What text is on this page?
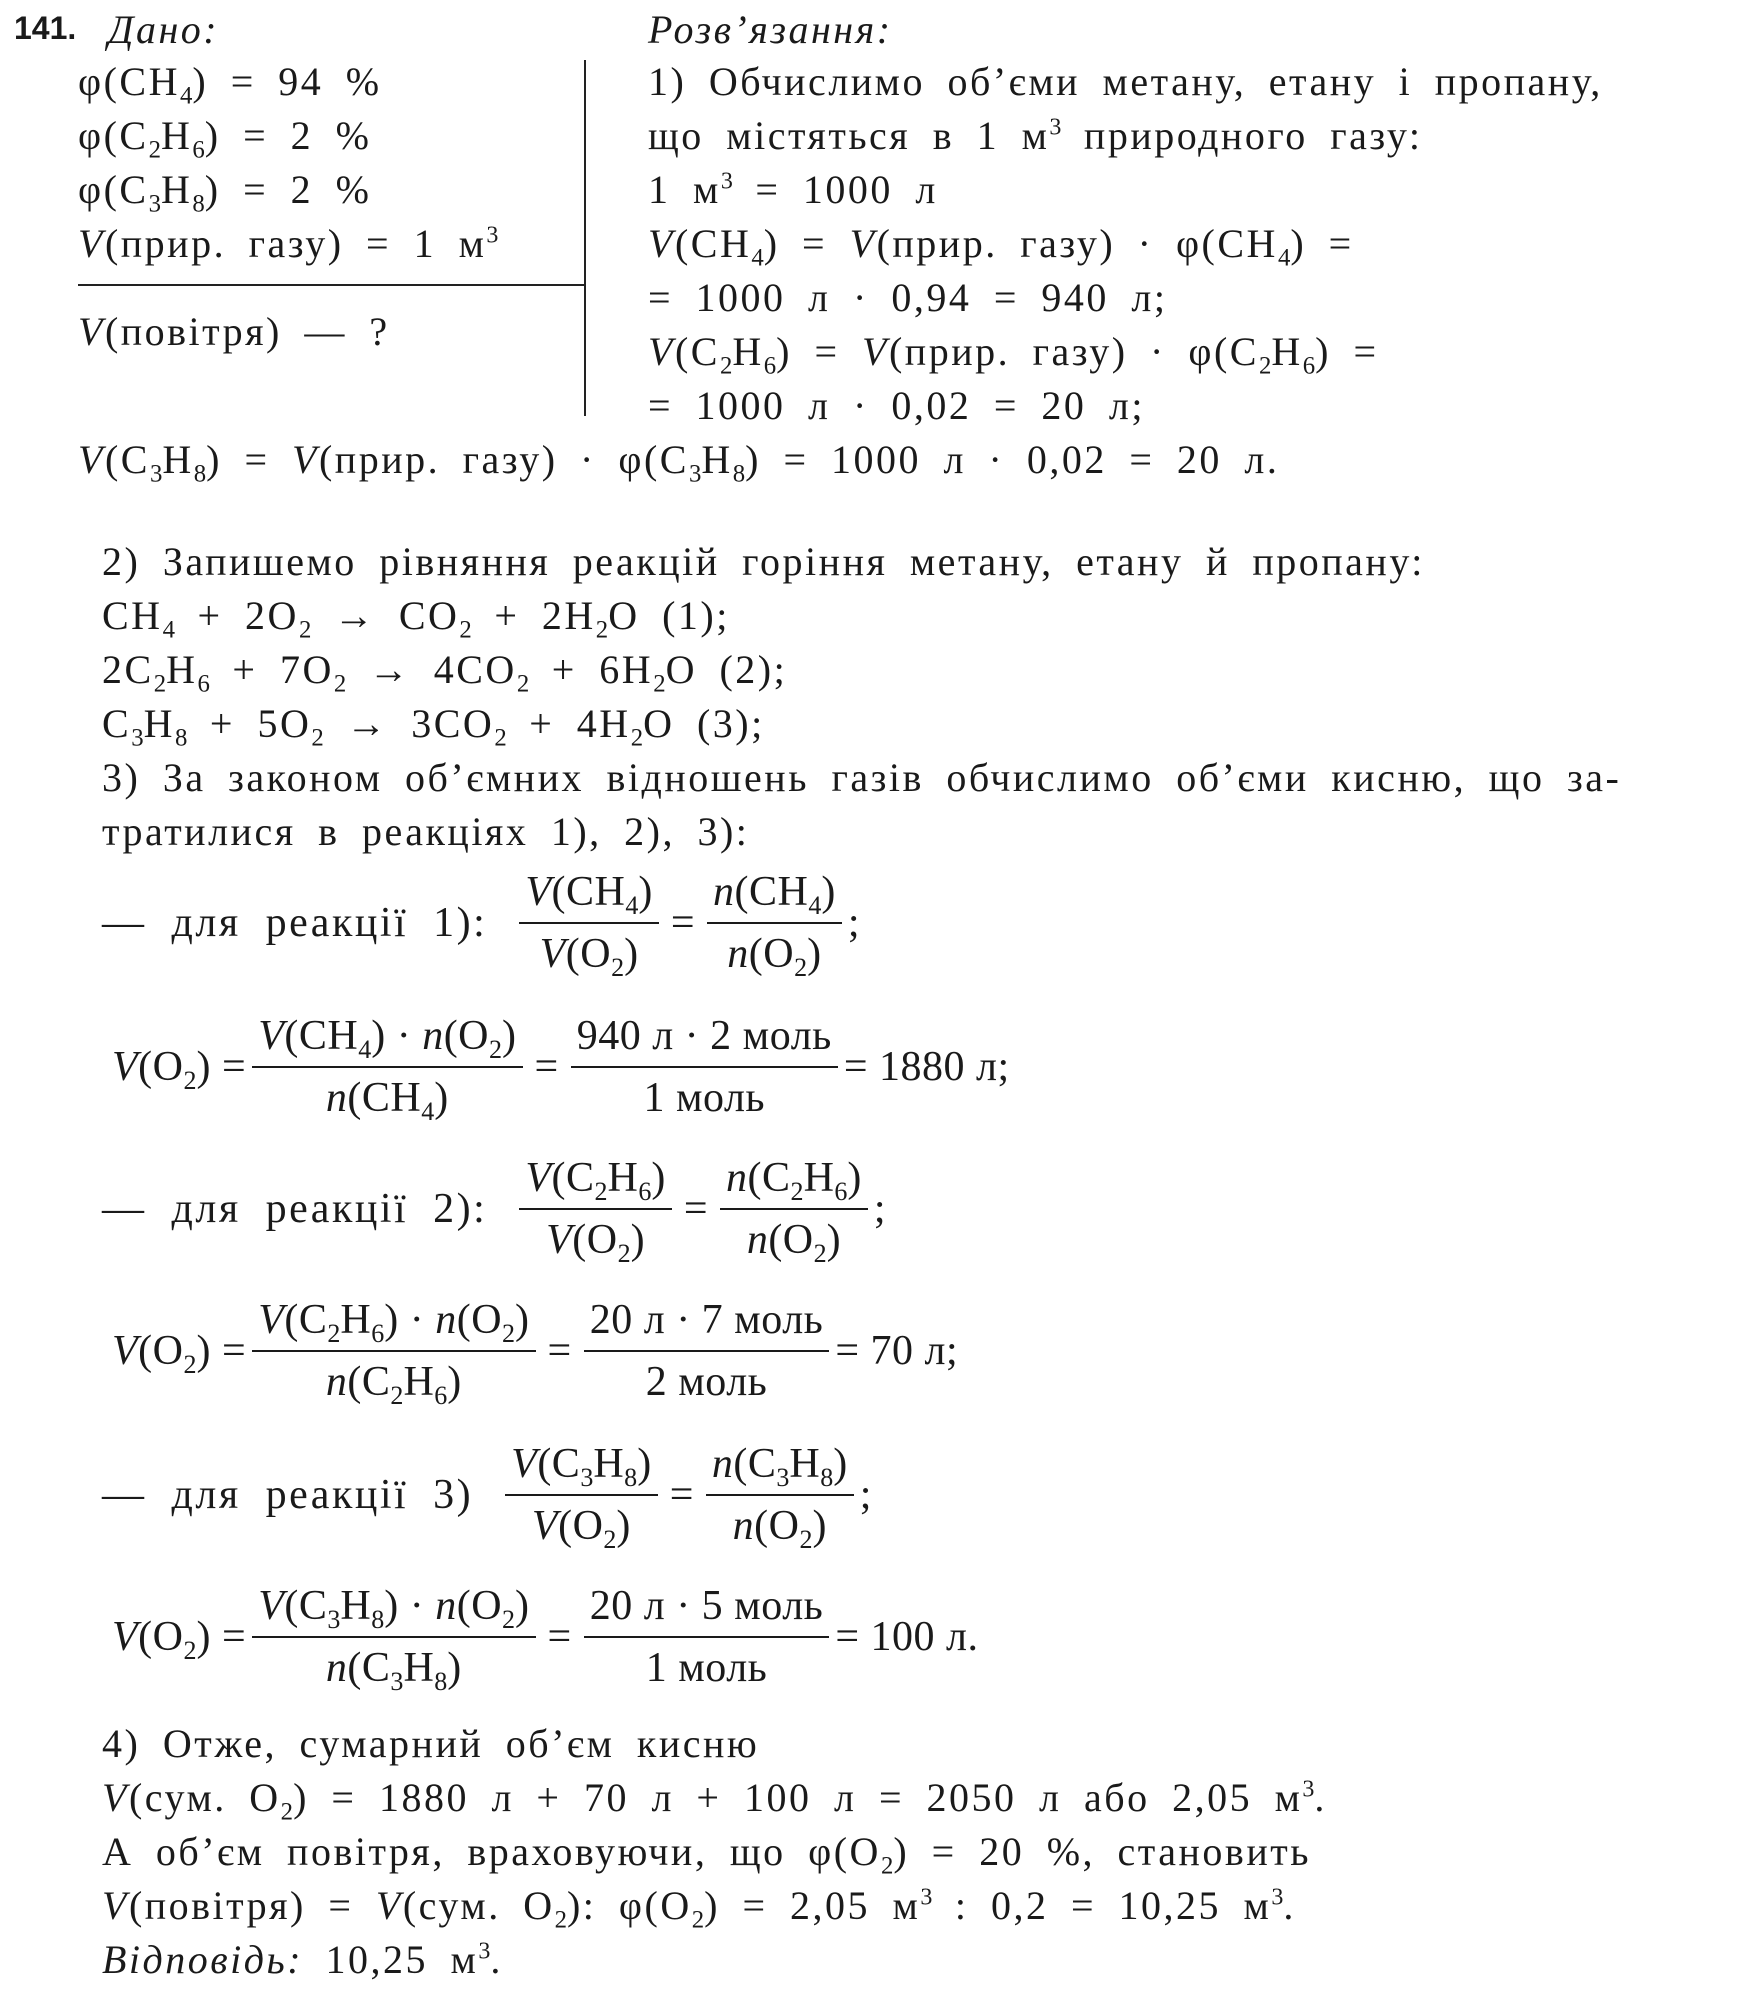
141. Дано:	Розв’язання:
$\varphi(CH_4) = 94$ %
$\varphi(C_2H_6) = 2$ %
$\varphi(C_3H_8) = 2$ %
V(прир. газу) = 1 $м^3$
V(повітря) — ?
1) Обчислимо об’єми метану, етану і пропану,
що містяться в 1 $м^3$ природного газу:
1 $м^3 = 1000$ л
$V(CH_4)$ = V(прир. газу) · $\varphi(CH_4)$ =
= 1000 л · 0,94 = 940 л;
$V(C_2H_6)$ = V(прир. газу) · $\varphi(C_2H_6)$ =
= 1000 л · 0,02 = 20 л;
$V(C_3H_8)$ = V(прир. газу) · $\varphi(C_3H_8) = 1000$ л · 0,02 = 20 л.
2) Запишемо рівняння реакцій горіння метану, етану й пропану:
$CH_4 + 2O_2 \to CO_2 + 2H_2O$ (1);
$2C_2H_6 + 7O_2 \to 4CO_2 + 6H_2O$ (2);
$C_3H_8 + 5O_2 \to 3CO_2 + 4H_2O$ (3);
3) За законом об’ємних відношень газів обчислимо об’єми кисню, що за-
тратилися в реакціях 1), 2), 3):
— для реакції 1): $\frac{V(CH_4)}{V(O_2)} = \frac{n(CH_4)}{n(O_2)}$ ;
$V(O_2) = \frac{V(CH_4) \cdot n(O_2)}{n(CH_4)} = \frac{\text{940 л · 2 моль}}{\text{1 моль}} = 1880$ л;
— для реакції 2): $\frac{V(C_2H_6)}{V(O_2)} = \frac{n(C_2H_6)}{n(O_2)}$ ;
$V(O_2) = \frac{V(C_2H_6) \cdot n(O_2)}{n(C_2H_6)} = \frac{\text{20 л · 7 моль}}{\text{2 моль}} = 70$ л;
— для реакції $3) \frac{V(C_3H_8)}{V(O_2)} = \frac{n(C_3H_8)}{n(O_2)}$ ;
$V(O_2) = \frac{V(C_3H_8) \cdot n(O_2)}{n(C_3H_8)} = \frac{\text{20 л · 5 моль}}{\text{1 моль}} = 100$ л.
4) Отже, сумарний об’єм кисню
V(сум. $O_2) = 1880$ л + 70 л + 100 л = 2050 л або 2,05 $м^3$.
А об’єм повітря, враховуючи, що $\varphi(O_2) = 20$ %, становить
V(повітря) = V(сум. $O_2$): $\varphi(O_2) = 2,05$ $м^3$ : 0,2 = 10,25 $м^3$.
Відповідь: 10,25 $м^3$.
